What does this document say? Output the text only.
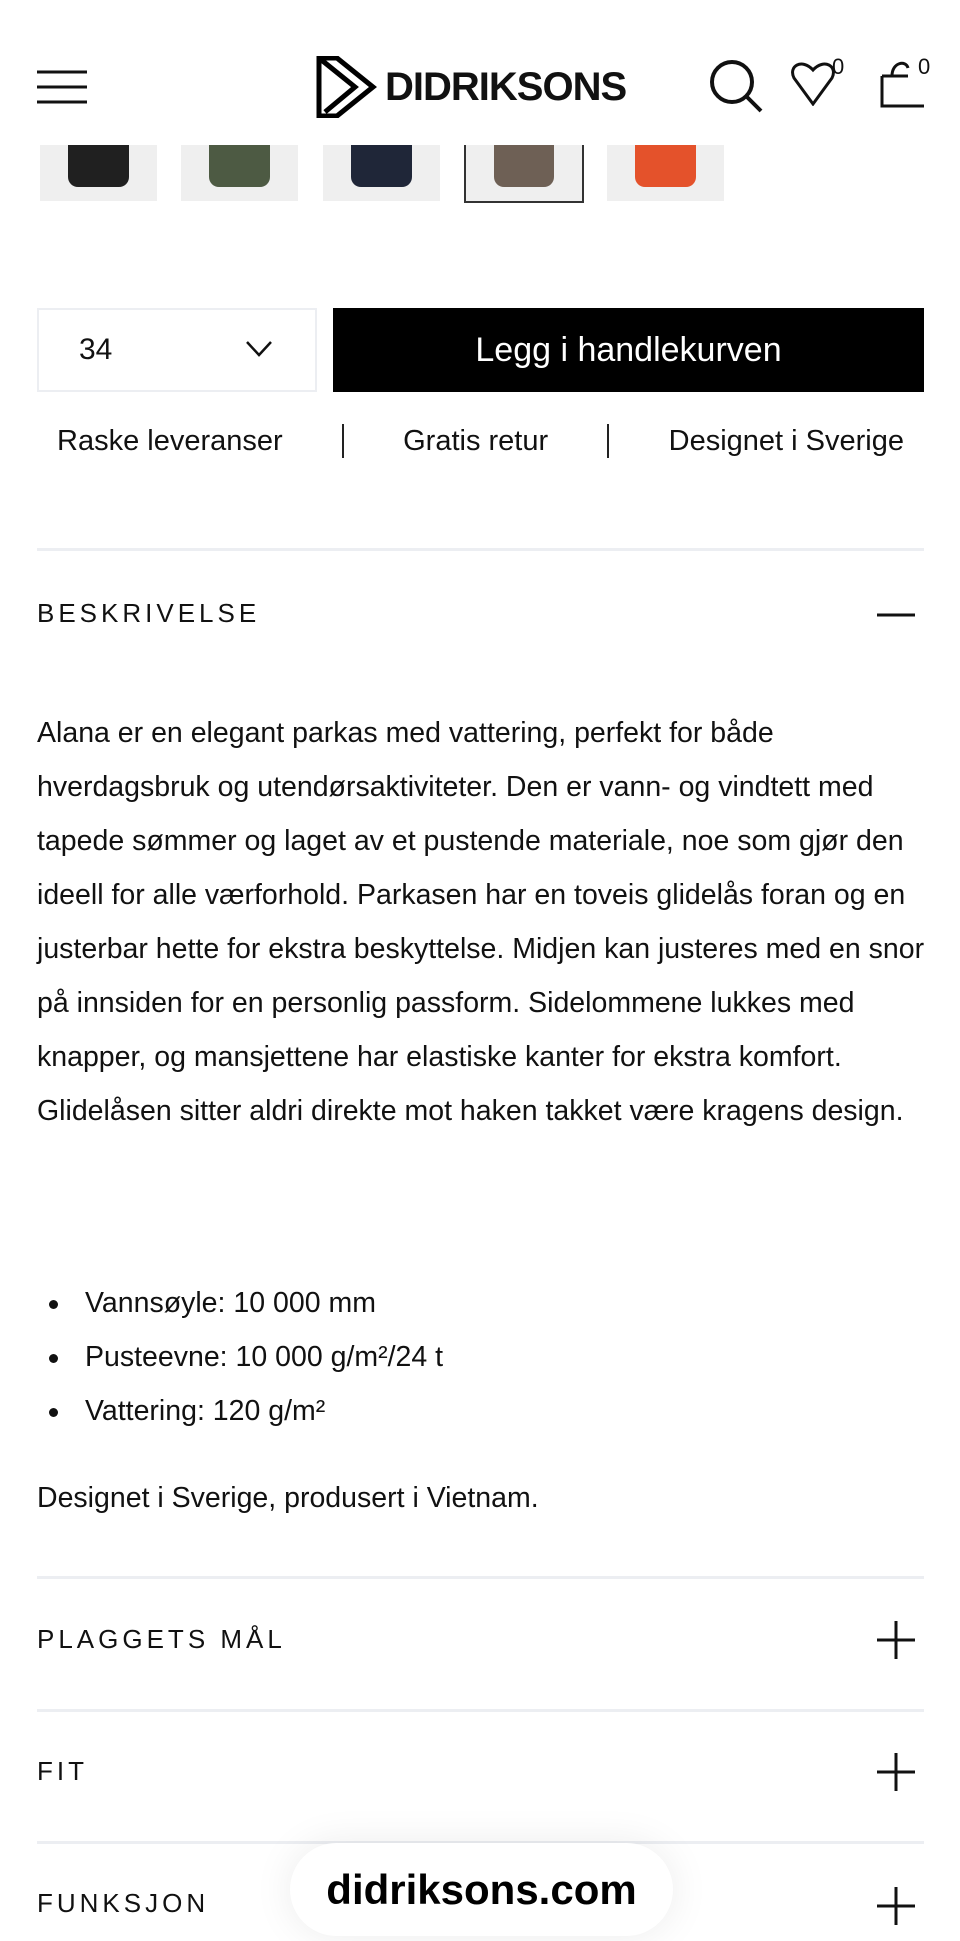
DIDRIKSONS	0	0
34	Legg i handlekurven
Raske leveranser	Gratis retur	Designet i Sverige
BESKRIVELSE

Alana er en elegant parkas med vattering, perfekt for både hverdagsbruk og utendørsaktiviteter. Den er vann- og vindtett med tapede sømmer og laget av et pustende materiale, noe som gjør den ideell for alle værforhold. Parkasen har en toveis glidelås foran og en justerbar hette for ekstra beskyttelse. Midjen kan justeres med en snor på innsiden for en personlig passform. Sidelommene lukkes med knapper, og mansjettene har elastiske kanter for ekstra komfort. Glidelåsen sitter aldri direkte mot haken takket være kragens design.

Vannsøyle: 10 000 mm
Pusteevne: 10 000 g/m²/24 t
Vattering: 120 g/m²

Designet i Sverige, produsert i Vietnam.

PLAGGETS MÅL
FIT
FUNKSJON	didriksons.com
